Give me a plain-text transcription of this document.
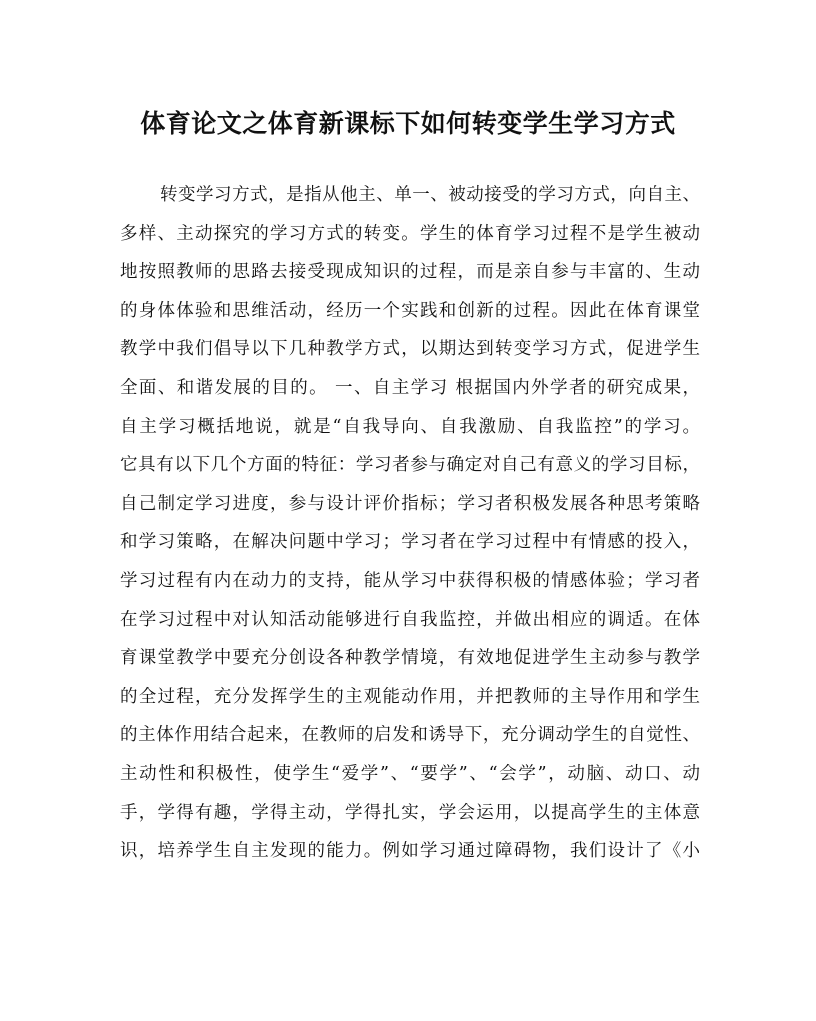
体育论文之体育新课标下如何转变学生学习方式
转变学习方式，是指从他主、单一、被动接受的学习方式，向自主、
多样、主动探究的学习方式的转变。学生的体育学习过程不是学生被动
地按照教师的思路去接受现成知识的过程，而是亲自参与丰富的、生动
的身体体验和思维活动，经历一个实践和创新的过程。因此在体育课堂
教学中我们倡导以下几种教学方式，以期达到转变学习方式，促进学生
全面、和谐发展的目的。 一、自主学习 根据国内外学者的研究成果，
自主学习概括地说，就是“自我导向、自我激励、自我监控”的学习。
它具有以下几个方面的特征：学习者参与确定对自己有意义的学习目标，
自己制定学习进度，参与设计评价指标；学习者积极发展各种思考策略
和学习策略，在解决问题中学习；学习者在学习过程中有情感的投入，
学习过程有内在动力的支持，能从学习中获得积极的情感体验；学习者
在学习过程中对认知活动能够进行自我监控，并做出相应的调适。在体
育课堂教学中要充分创设各种教学情境，有效地促进学生主动参与教学
的全过程，充分发挥学生的主观能动作用，并把教师的主导作用和学生
的主体作用结合起来，在教师的启发和诱导下，充分调动学生的自觉性、
主动性和积极性，使学生“爱学”、“要学”、“会学”，动脑、动口、动
手，学得有趣，学得主动，学得扎实，学会运用，以提高学生的主体意
识，培养学生自主发现的能力。例如学习通过障碍物，我们设计了《小
